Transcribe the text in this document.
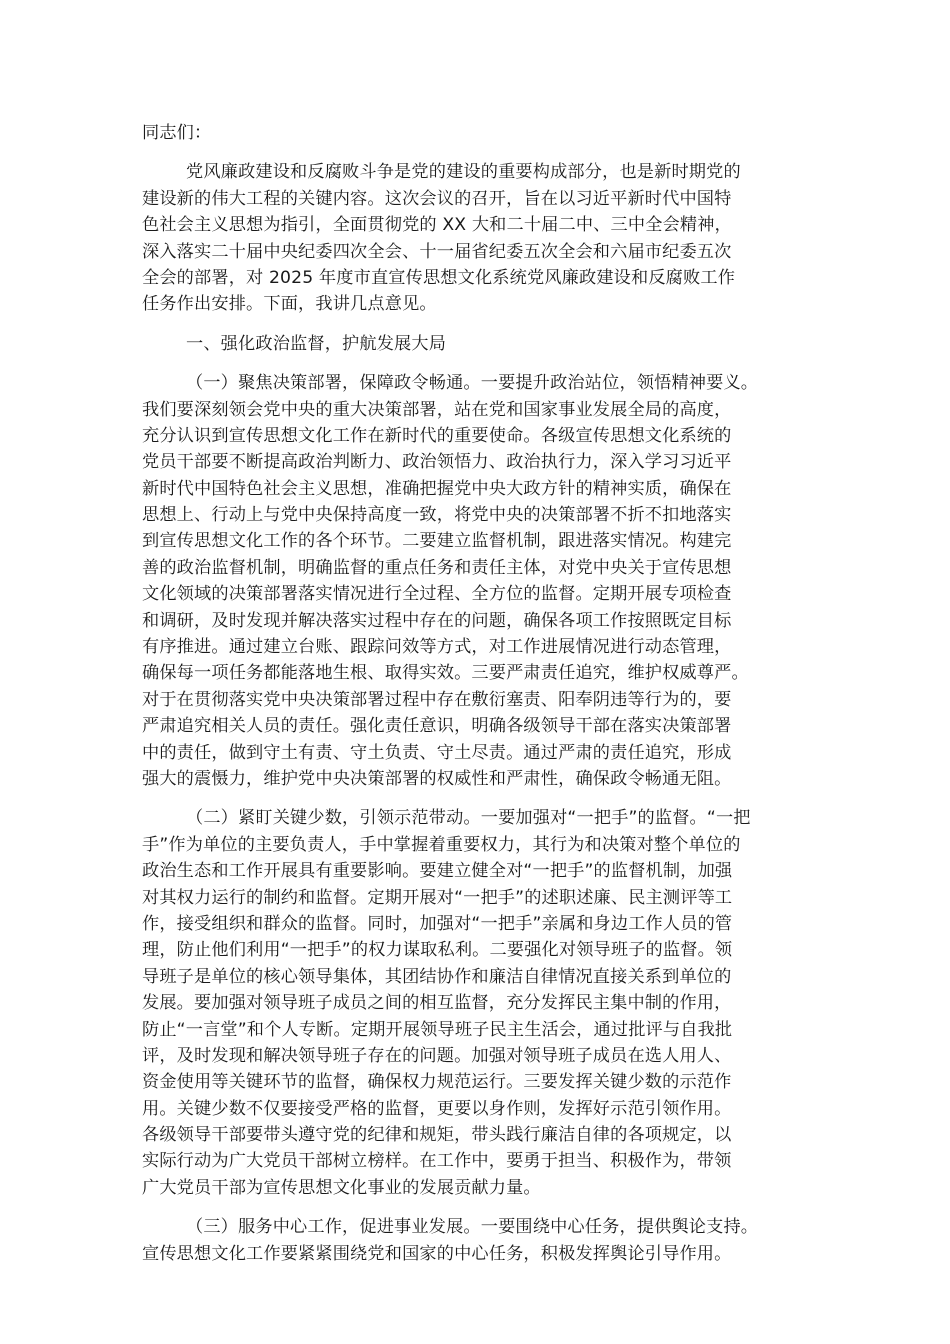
同志们：
党风廉政建设和反腐败斗争是党的建设的重要构成部分，也是新时期党的
建设新的伟大工程的关键内容。这次会议的召开，旨在以习近平新时代中国特
色社会主义思想为指引，全面贯彻党的 XX 大和二十届二中、三中全会精神，
深入落实二十届中央纪委四次全会、十一届省纪委五次全会和六届市纪委五次
全会的部署，对 2025 年度市直宣传思想文化系统党风廉政建设和反腐败工作
任务作出安排。下面，我讲几点意见。
一、强化政治监督，护航发展大局
（一）聚焦决策部署，保障政令畅通。一要提升政治站位，领悟精神要义。
我们要深刻领会党中央的重大决策部署，站在党和国家事业发展全局的高度，
充分认识到宣传思想文化工作在新时代的重要使命。各级宣传思想文化系统的
党员干部要不断提高政治判断力、政治领悟力、政治执行力，深入学习习近平
新时代中国特色社会主义思想，准确把握党中央大政方针的精神实质，确保在
思想上、行动上与党中央保持高度一致，将党中央的决策部署不折不扣地落实
到宣传思想文化工作的各个环节。二要建立监督机制，跟进落实情况。构建完
善的政治监督机制，明确监督的重点任务和责任主体，对党中央关于宣传思想
文化领域的决策部署落实情况进行全过程、全方位的监督。定期开展专项检查
和调研，及时发现并解决落实过程中存在的问题，确保各项工作按照既定目标
有序推进。通过建立台账、跟踪问效等方式，对工作进展情况进行动态管理，
确保每一项任务都能落地生根、取得实效。三要严肃责任追究，维护权威尊严。
对于在贯彻落实党中央决策部署过程中存在敷衍塞责、阳奉阴违等行为的，要
严肃追究相关人员的责任。强化责任意识，明确各级领导干部在落实决策部署
中的责任，做到守土有责、守土负责、守土尽责。通过严肃的责任追究，形成
强大的震慑力，维护党中央决策部署的权威性和严肃性，确保政令畅通无阻。
（二）紧盯关键少数，引领示范带动。一要加强对“一把手”的监督。“一把
手”作为单位的主要负责人，手中掌握着重要权力，其行为和决策对整个单位的
政治生态和工作开展具有重要影响。要建立健全对“一把手”的监督机制，加强
对其权力运行的制约和监督。定期开展对“一把手”的述职述廉、民主测评等工
作，接受组织和群众的监督。同时，加强对“一把手”亲属和身边工作人员的管
理，防止他们利用“一把手”的权力谋取私利。二要强化对领导班子的监督。领
导班子是单位的核心领导集体，其团结协作和廉洁自律情况直接关系到单位的
发展。要加强对领导班子成员之间的相互监督，充分发挥民主集中制的作用，
防止“一言堂”和个人专断。定期开展领导班子民主生活会，通过批评与自我批
评，及时发现和解决领导班子存在的问题。加强对领导班子成员在选人用人、
资金使用等关键环节的监督，确保权力规范运行。三要发挥关键少数的示范作
用。关键少数不仅要接受严格的监督，更要以身作则，发挥好示范引领作用。
各级领导干部要带头遵守党的纪律和规矩，带头践行廉洁自律的各项规定，以
实际行动为广大党员干部树立榜样。在工作中，要勇于担当、积极作为，带领
广大党员干部为宣传思想文化事业的发展贡献力量。
（三）服务中心工作，促进事业发展。一要围绕中心任务，提供舆论支持。
宣传思想文化工作要紧紧围绕党和国家的中心任务，积极发挥舆论引导作用。
